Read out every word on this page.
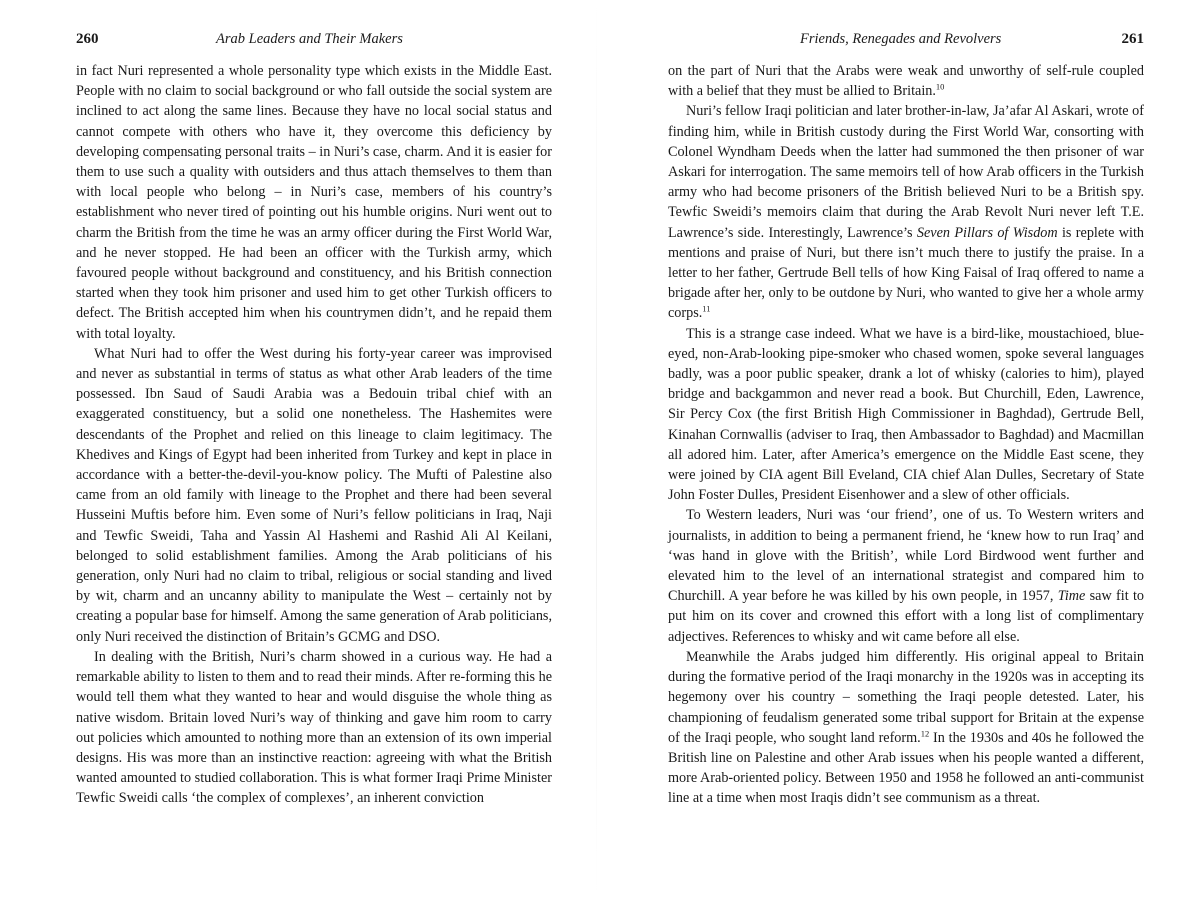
260	Arab Leaders and Their Makers

in fact Nuri represented a whole personality type which exists in the Middle East. People with no claim to social background or who fall outside the social system are inclined to act along the same lines. Because they have no local social status and cannot compete with others who have it, they overcome this deficiency by developing compensating personal traits – in Nuri’s case, charm. And it is easier for them to use such a quality with outsiders and thus attach themselves to them than with local people who belong – in Nuri’s case, members of his country’s establishment who never tired of pointing out his humble origins. Nuri went out to charm the British from the time he was an army officer during the First World War, and he never stopped. He had been an officer with the Turkish army, which favoured people without background and constituency, and his British connection started when they took him prisoner and used him to get other Turkish officers to defect. The British accepted him when his countrymen didn’t, and he repaid them with total loyalty.

What Nuri had to offer the West during his forty-year career was improvised and never as substantial in terms of status as what other Arab leaders of the time possessed. Ibn Saud of Saudi Arabia was a Bedouin tribal chief with an exaggerated constituency, but a solid one nonetheless. The Hashemites were descendants of the Prophet and relied on this lineage to claim legitimacy. The Khedives and Kings of Egypt had been inherited from Turkey and kept in place in accordance with a better-the-devil-you-know policy. The Mufti of Palestine also came from an old family with lineage to the Prophet and there had been several Husseini Muftis before him. Even some of Nuri’s fellow politicians in Iraq, Naji and Tewfic Sweidi, Taha and Yassin Al Hashemi and Rashid Ali Al Keilani, belonged to solid establishment families. Among the Arab politicians of his generation, only Nuri had no claim to tribal, religious or social standing and lived by wit, charm and an uncanny ability to manipulate the West – certainly not by creating a popular base for himself. Among the same generation of Arab politicians, only Nuri received the distinction of Britain’s GCMG and DSO.

In dealing with the British, Nuri’s charm showed in a curious way. He had a remarkable ability to listen to them and to read their minds. After re-forming this he would tell them what they wanted to hear and would disguise the whole thing as native wisdom. Britain loved Nuri’s way of thinking and gave him room to carry out policies which amounted to nothing more than an extension of its own imperial designs. His was more than an instinctive reaction: agreeing with what the British wanted amounted to studied collaboration. This is what former Iraqi Prime Minister Tewfic Sweidi calls ‘the complex of complexes’, an inherent conviction

Friends, Renegades and Revolvers	261

on the part of Nuri that the Arabs were weak and unworthy of self-rule coupled with a belief that they must be allied to Britain.$^{10}$

Nuri’s fellow Iraqi politician and later brother-in-law, Ja’afar Al Askari, wrote of finding him, while in British custody during the First World War, consorting with Colonel Wyndham Deeds when the latter had summoned the then prisoner of war Askari for interrogation. The same memoirs tell of how Arab officers in the Turkish army who had become prisoners of the British believed Nuri to be a British spy. Tewfic Sweidi’s memoirs claim that during the Arab Revolt Nuri never left T.E. Lawrence’s side. Interestingly, Lawrence’s Seven Pillars of Wisdom is replete with mentions and praise of Nuri, but there isn’t much there to justify the praise. In a letter to her father, Gertrude Bell tells of how King Faisal of Iraq offered to name a brigade after her, only to be outdone by Nuri, who wanted to give her a whole army corps.$^{11}$

This is a strange case indeed. What we have is a bird-like, moustachioed, blue-eyed, non-Arab-looking pipe-smoker who chased women, spoke several languages badly, was a poor public speaker, drank a lot of whisky (calories to him), played bridge and backgammon and never read a book. But Churchill, Eden, Lawrence, Sir Percy Cox (the first British High Commissioner in Baghdad), Gertrude Bell, Kinahan Cornwallis (adviser to Iraq, then Ambassador to Baghdad) and Macmillan all adored him. Later, after America’s emergence on the Middle East scene, they were joined by CIA agent Bill Eveland, CIA chief Alan Dulles, Secretary of State John Foster Dulles, President Eisenhower and a slew of other officials.

To Western leaders, Nuri was ‘our friend’, one of us. To Western writers and journalists, in addition to being a permanent friend, he ‘knew how to run Iraq’ and ‘was hand in glove with the British’, while Lord Birdwood went further and elevated him to the level of an international strategist and compared him to Churchill. A year before he was killed by his own people, in 1957, Time saw fit to put him on its cover and crowned this effort with a long list of complimentary adjectives. References to whisky and wit came before all else.

Meanwhile the Arabs judged him differently. His original appeal to Britain during the formative period of the Iraqi monarchy in the 1920s was in accepting its hegemony over his country – something the Iraqi people detested. Later, his championing of feudalism generated some tribal support for Britain at the expense of the Iraqi people, who sought land reform.$^{12}$ In the 1930s and 40s he followed the British line on Palestine and other Arab issues when his people wanted a different, more Arab-oriented policy. Between 1950 and 1958 he followed an anti-communist line at a time when most Iraqis didn’t see communism as a threat.
